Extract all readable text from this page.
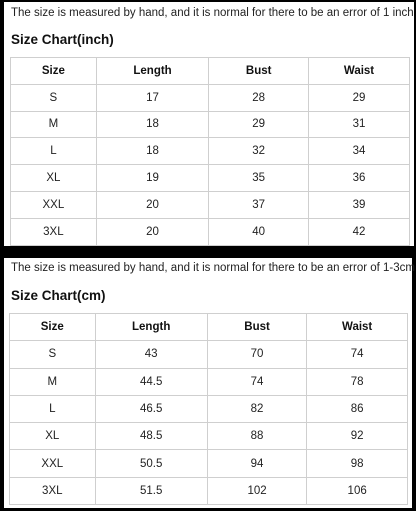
The size is measured by hand, and it is normal for there to be an error of 1 inch
Size Chart(inch)
Size	Length	Bust	Waist
S	17	28	29
M	18	29	31
L	18	32	34
XL	19	35	36
XXL	20	37	39
3XL	20	40	42
The size is measured by hand, and it is normal for there to be an error of 1-3cm
Size Chart(cm)
Size	Length	Bust	Waist
S	43	70	74
M	44.5	74	78
L	46.5	82	86
XL	48.5	88	92
XXL	50.5	94	98
3XL	51.5	102	106
